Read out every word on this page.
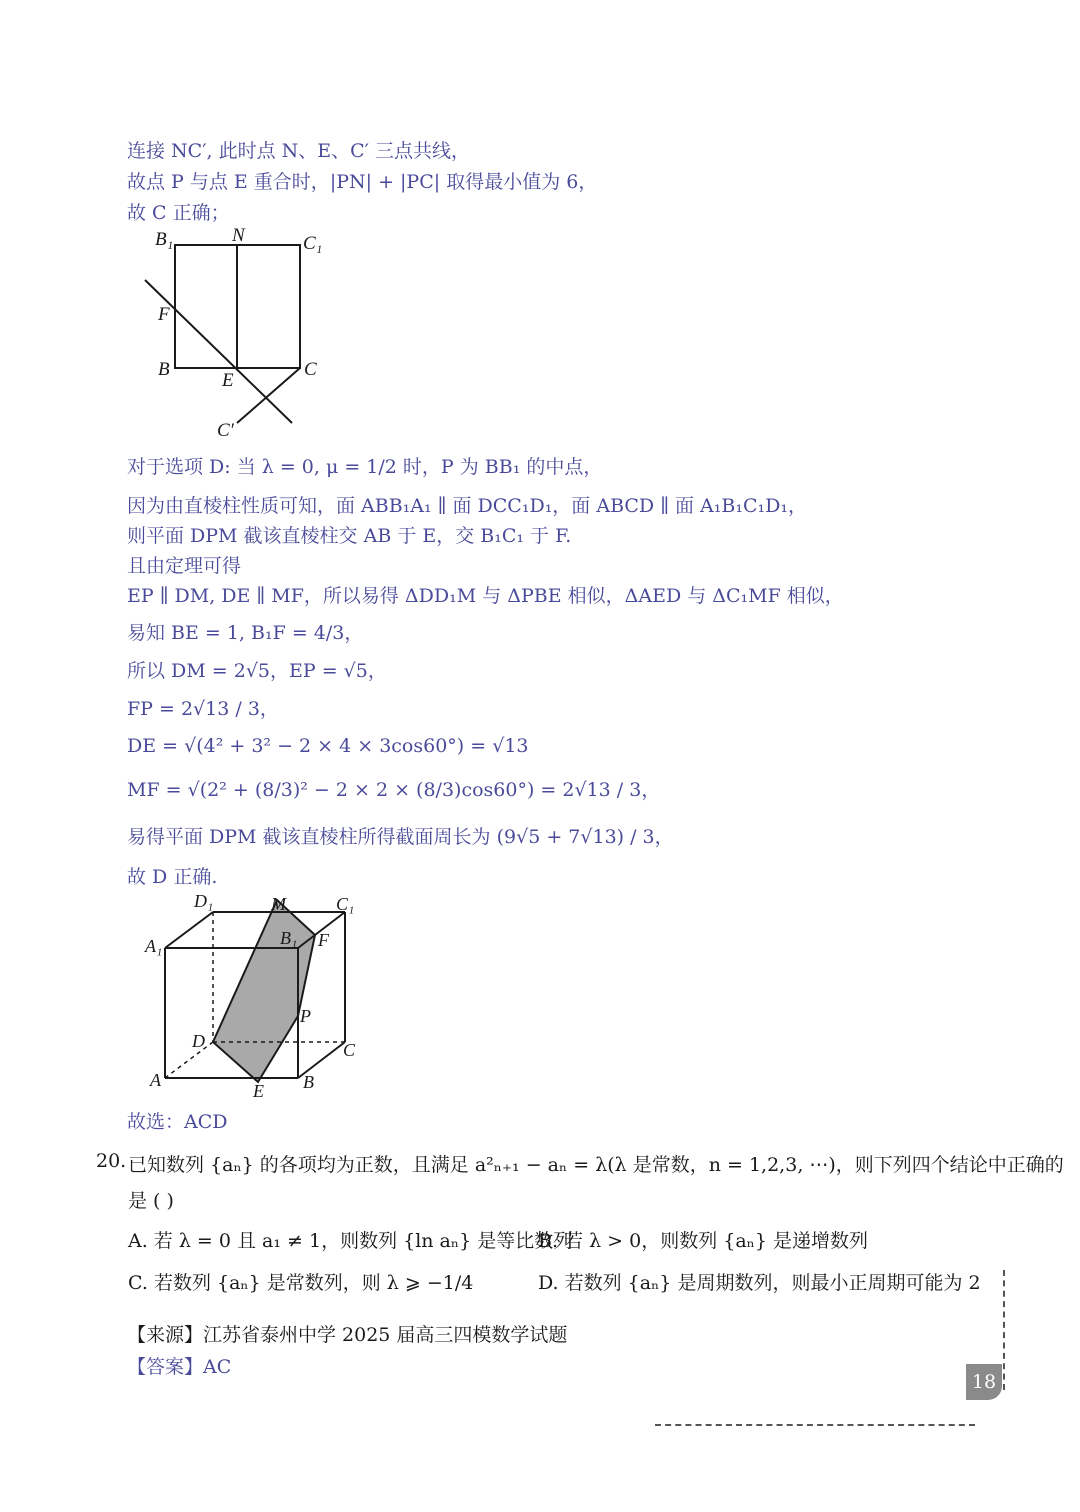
连接 NC′, 此时点 N、E、C′ 三点共线，
故点 P 与点 E 重合时，|PN| + |PC| 取得最小值为 6，
故 C 正确；
B₁	N	C₁
F
B
E
C
C′
对于选项 D: 当 λ = 0, μ = 1/2 时，P 为 BB₁ 的中点，
因为由直棱柱性质可知，面 ABB₁A₁ ∥ 面 DCC₁D₁，面 ABCD ∥ 面 A₁B₁C₁D₁，
则平面 DPM 截该直棱柱交 AB 于 E，交 B₁C₁ 于 F.
且由定理可得
EP ∥ DM, DE ∥ MF，所以易得 ΔDD₁M 与 ΔPBE 相似，ΔAED 与 ΔC₁MF 相似，
易知 BE = 1, B₁F = 4/3，
所以 DM = 2√5，EP = √5，
FP = 2√13 / 3，
DE = √(4² + 3² − 2 × 4 × 3cos60°) = √13
MF = √(2² + (8/3)² − 2 × 2 × (8/3)cos60°) = 2√13 / 3，
易得平面 DPM 截该直棱柱所得截面周长为 (9√5 + 7√13) / 3，
故 D 正确.
D₁	M	C₁
A₁	B₁ F
P
D	C
A
E B
故选：ACD
20. 已知数列 {aₙ} 的各项均为正数，且满足 a²ₙ₊₁ − aₙ = λ(λ 是常数，n = 1,2,3, ⋯)，则下列四个结论中正确的
是 ( )
A. 若 λ = 0 且 a₁ ≠ 1，则数列 {ln aₙ} 是等比数列
B. 若 λ > 0，则数列 {aₙ} 是递增数列
C. 若数列 {aₙ} 是常数列，则 λ ⩾ −1/4	D. 若数列 {aₙ} 是周期数列，则最小正周期可能为 2
【来源】江苏省泰州中学 2025 届高三四模数学试题
【答案】AC
18
